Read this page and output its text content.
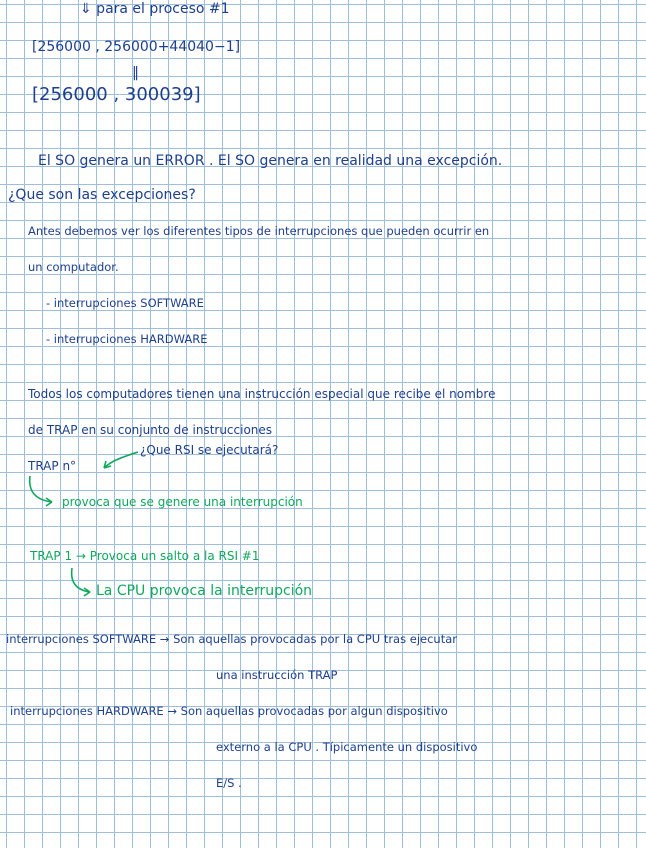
⇓ para el proceso #1
[256000 , 256000+44040−1]
‖
[256000 , 300039]
El SO genera un ERROR . El SO genera en realidad una excepción.
¿Que son las excepciones?
Antes debemos ver los diferentes tipos de interrupciones que pueden ocurrir en
un computador.
- interrupciones SOFTWARE
- interrupciones HARDWARE
Todos los computadores tienen una instrucción especial que recibe el nombre
de TRAP en su conjunto de instrucciones
TRAP n°
¿Que RSI se ejecutará?
provoca que se genere una interrupción
TRAP 1 → Provoca un salto a la RSI #1
La CPU provoca la interrupción
interrupciones SOFTWARE → Son aquellas provocadas por la CPU tras ejecutar
una instrucción TRAP
interrupciones HARDWARE → Son aquellas provocadas por algun dispositivo
externo a la CPU . Típicamente un dispositivo
E/S .
